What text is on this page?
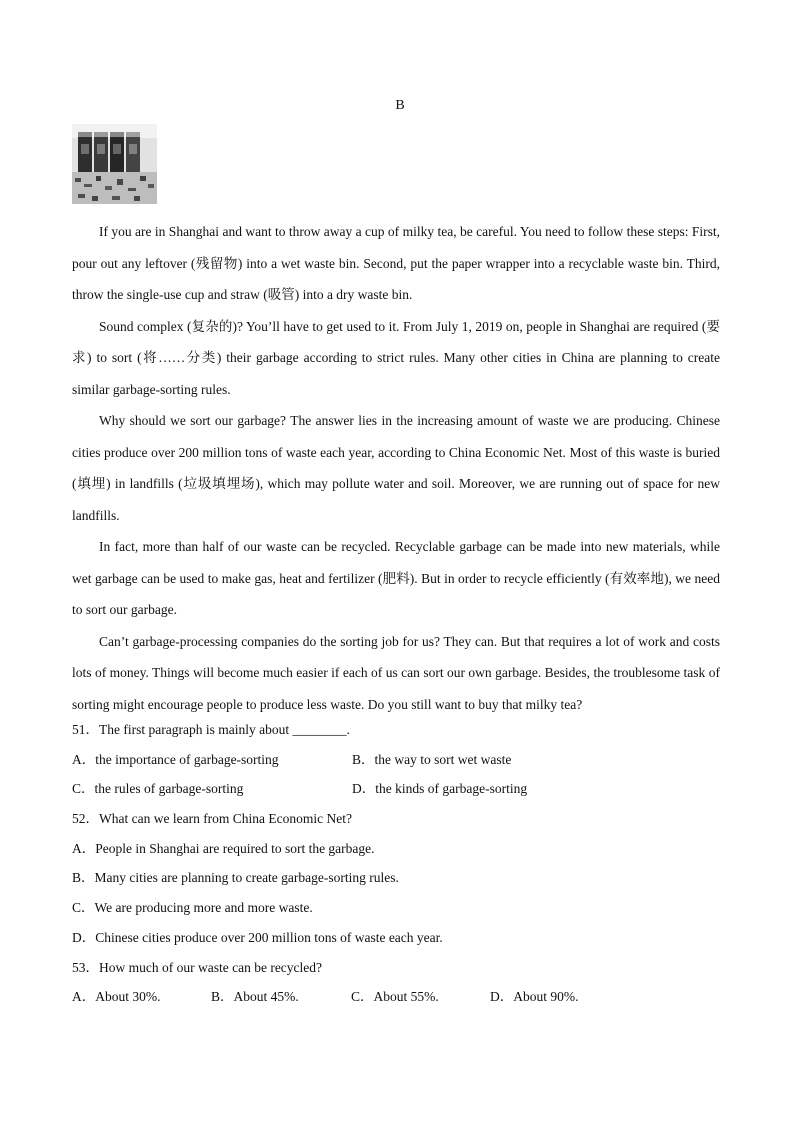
B

If you are in Shanghai and want to throw away a cup of milky tea, be careful. You need to follow these steps: First, pour out any leftover (残留物) into a wet waste bin. Second, put the paper wrapper into a recyclable waste bin. Third, throw the single-use cup and straw (吸管) into a dry waste bin.

Sound complex (复杂的)? You’ll have to get used to it. From July 1, 2019 on, people in Shanghai are required (要求) to sort (将……分类) their garbage according to strict rules. Many other cities in China are planning to create similar garbage-sorting rules.

Why should we sort our garbage? The answer lies in the increasing amount of waste we are producing. Chinese cities produce over 200 million tons of waste each year, according to China Economic Net. Most of this waste is buried (填埋) in landfills (垃圾填埋场), which may pollute water and soil. Moreover, we are running out of space for new landfills.

In fact, more than half of our waste can be recycled. Recyclable garbage can be made into new materials, while wet garbage can be used to make gas, heat and fertilizer (肥料). But in order to recycle efficiently (有效率地), we need to sort our garbage.

Can’t garbage-processing companies do the sorting job for us? They can. But that requires a lot of work and costs lots of money. Things will become much easier if each of us can sort our own garbage. Besides, the troublesome task of sorting might encourage people to produce less waste. Do you still want to buy that milky tea?

51．The first paragraph is mainly about ________.
A．the importance of garbage-sorting	B．the way to sort wet waste
C．the rules of garbage-sorting	D．the kinds of garbage-sorting
52．What can we learn from China Economic Net?
A．People in Shanghai are required to sort the garbage.
B．Many cities are planning to create garbage-sorting rules.
C．We are producing more and more waste.
D．Chinese cities produce over 200 million tons of waste each year.
53．How much of our waste can be recycled?
A．About 30%.	B．About 45%.	C．About 55%.	D．About 90%.
